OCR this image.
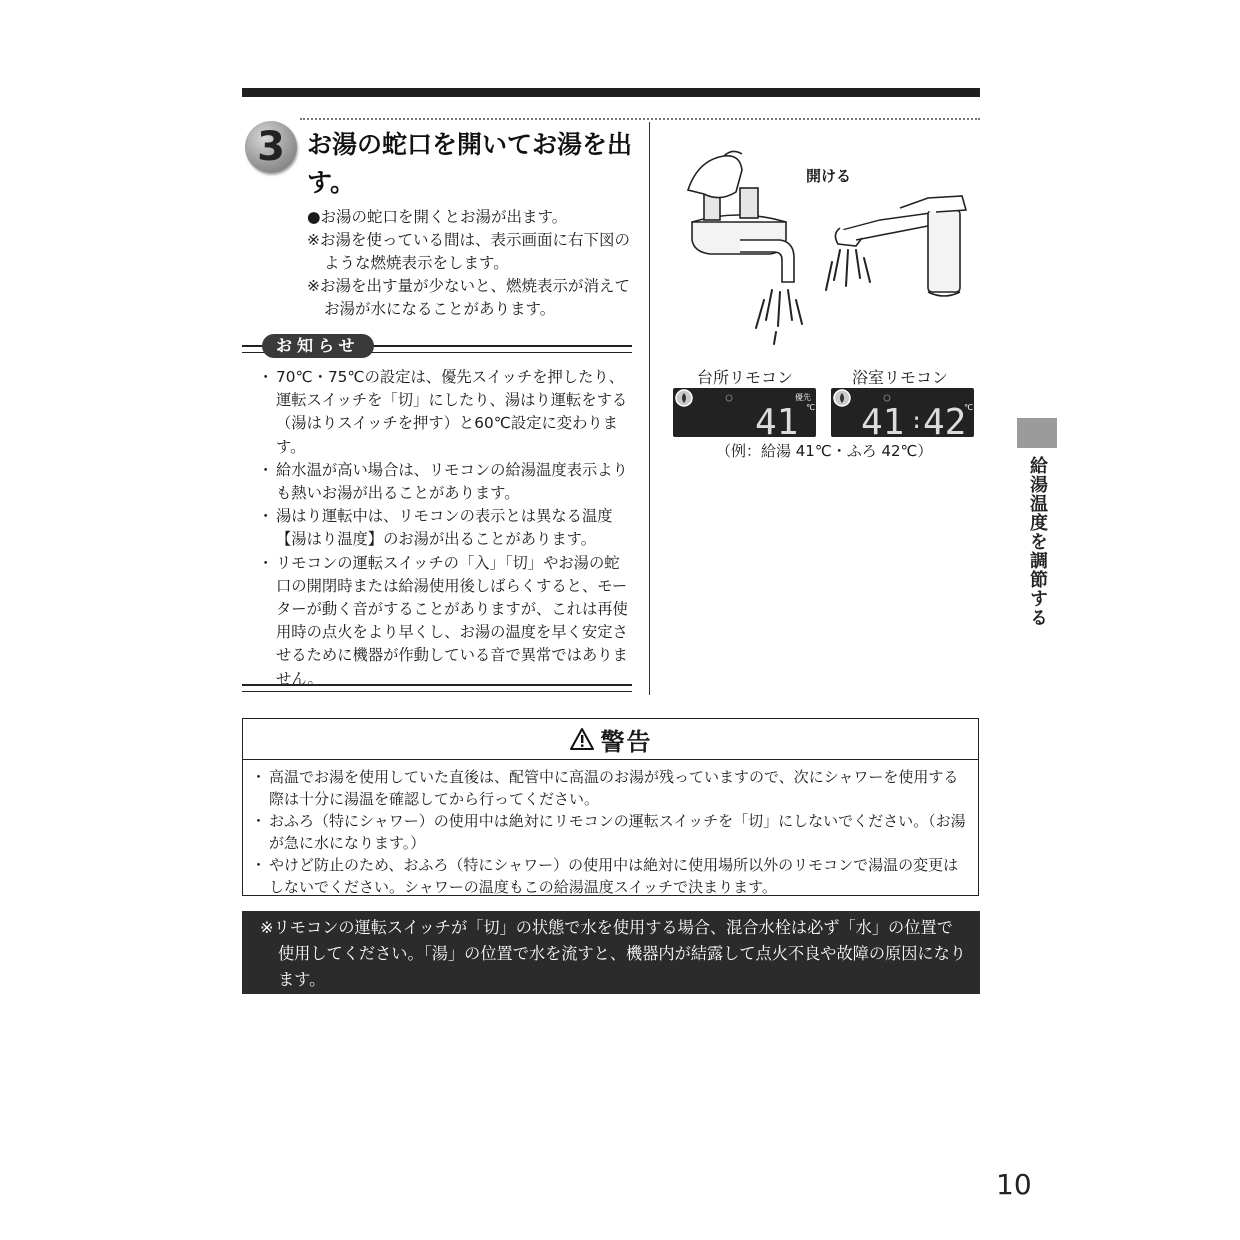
3 お湯の蛇口を開いてお湯を出す。

●お湯の蛇口を開くとお湯が出ます。

※お湯を使っている間は、表示画面に右下図のような燃焼表示をします。

※お湯を出す量が少ないと、燃焼表示が消えてお湯が水になることがあります。

お知らせ
・ 70℃・75℃の設定は、優先スイッチを押したり、運転スイッチを「切」にしたり、湯はり運転をする（湯はりスイッチを押す）と60℃設定に変わります。
・ 給水温が高い場合は、リモコンの給湯温度表示よりも熱いお湯が出ることがあります。
・ 湯はり運転中は、リモコンの表示とは異なる温度【湯はり温度】のお湯が出ることがあります。
・ リモコンの運転スイッチの「入」「切」やお湯の蛇口の開閉時または給湯使用後しばらくすると、モーターが動く音がすることがありますが、これは再使用時の点火をより早くし、お湯の温度を早く安定させるために機器が作動している音で異常ではありません。
開ける
台所リモコン	浴室リモコン
優先
℃
41 41 : 42
℃
（例：給湯 41℃・ふろ 42℃）
給湯温度を調節する
警告
・ 高温でお湯を使用していた直後は、配管中に高温のお湯が残っていますので、次にシャワーを使用する際は十分に湯温を確認してから行ってください。
・ おふろ（特にシャワー）の使用中は絶対にリモコンの運転スイッチを「切」にしないでください。（お湯が急に水になります。）
・ やけど防止のため、おふろ（特にシャワー）の使用中は絶対に使用場所以外のリモコンで湯温の変更はしないでください。シャワーの温度もこの給湯温度スイッチで決まります。
※リモコンの運転スイッチが「切」の状態で水を使用する場合、混合水栓は必ず「水」の位置で使用してください。「湯」の位置で水を流すと、機器内が結露して点火不良や故障の原因になります。
10
